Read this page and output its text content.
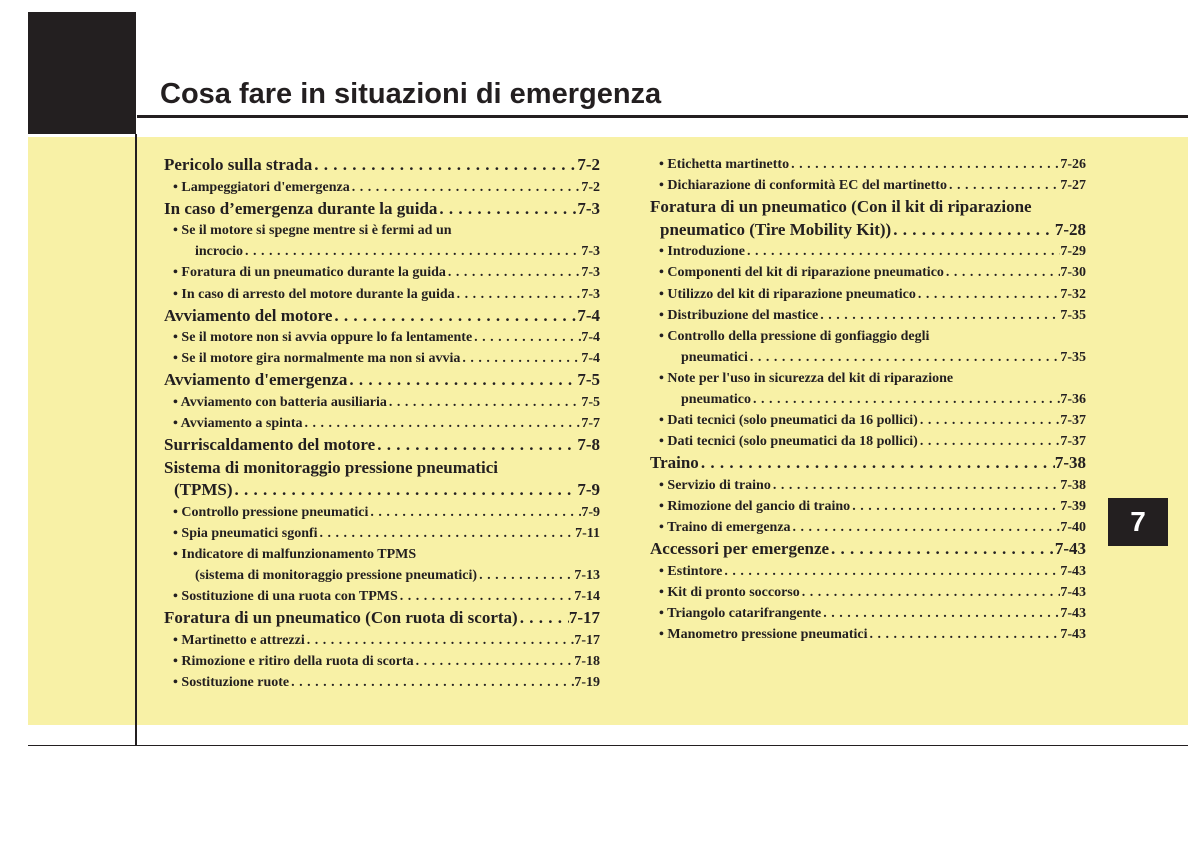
Cosa fare in situazioni di emergenza
Pericolo sulla strada . . .	7-2
• Lampeggiatori d'emergenza . . .	7-2
In caso d’emergenza durante la guida . . .	7-3
• Se il motore si spegne mentre si è fermi ad un
incrocio . . .	7-3
• Foratura di un pneumatico durante la guida . . .	7-3
• In caso di arresto del motore durante la guida . . .	7-3
Avviamento del motore . . .	7-4
• Se il motore non si avvia oppure lo fa lentamente . . .	7-4
• Se il motore gira normalmente ma non si avvia . . .	7-4
Avviamento d'emergenza . . .	7-5
• Avviamento con batteria ausiliaria . . .	7-5
• Avviamento a spinta . . .	7-7
Surriscaldamento del motore . . .	7-8
Sistema di monitoraggio pressione pneumatici
(TPMS) . . .	7-9
• Controllo pressione pneumatici . . .	7-9
• Spia pneumatici sgonfi . . .	7-11
• Indicatore di malfunzionamento TPMS
(sistema di monitoraggio pressione pneumatici) . . .	7-13
• Sostituzione di una ruota con TPMS . . .	7-14
Foratura di un pneumatico (Con ruota di scorta) . . .	7-17
• Martinetto e attrezzi . . .	7-17
• Rimozione e ritiro della ruota di scorta . . .	7-18
• Sostituzione ruote . . .	7-19
• Etichetta martinetto . . .	7-26
• Dichiarazione di conformità EC del martinetto . . .	7-27
Foratura di un pneumatico (Con il kit di riparazione
pneumatico (Tire Mobility Kit)) . . .	7-28
• Introduzione . . .	7-29
• Componenti del kit di riparazione pneumatico . . .	7-30
• Utilizzo del kit di riparazione pneumatico . . .	7-32
• Distribuzione del mastice . . .	7-35
• Controllo della pressione di gonfiaggio degli
pneumatici . . .	7-35
• Note per l'uso in sicurezza del kit di riparazione
pneumatico . . .	7-36
• Dati tecnici (solo pneumatici da 16 pollici) . . .	7-37
• Dati tecnici (solo pneumatici da 18 pollici) . . .	7-37
Traino . . .	7-38
• Servizio di traino . . .	7-38
• Rimozione del gancio di traino . . .	7-39
• Traino di emergenza . . .	7-40
Accessori per emergenze . . .	7-43
• Estintore . . .	7-43
• Kit di pronto soccorso . . .	7-43
• Triangolo catarifrangente . . .	7-43
• Manometro pressione pneumatici . . .	7-43
7
